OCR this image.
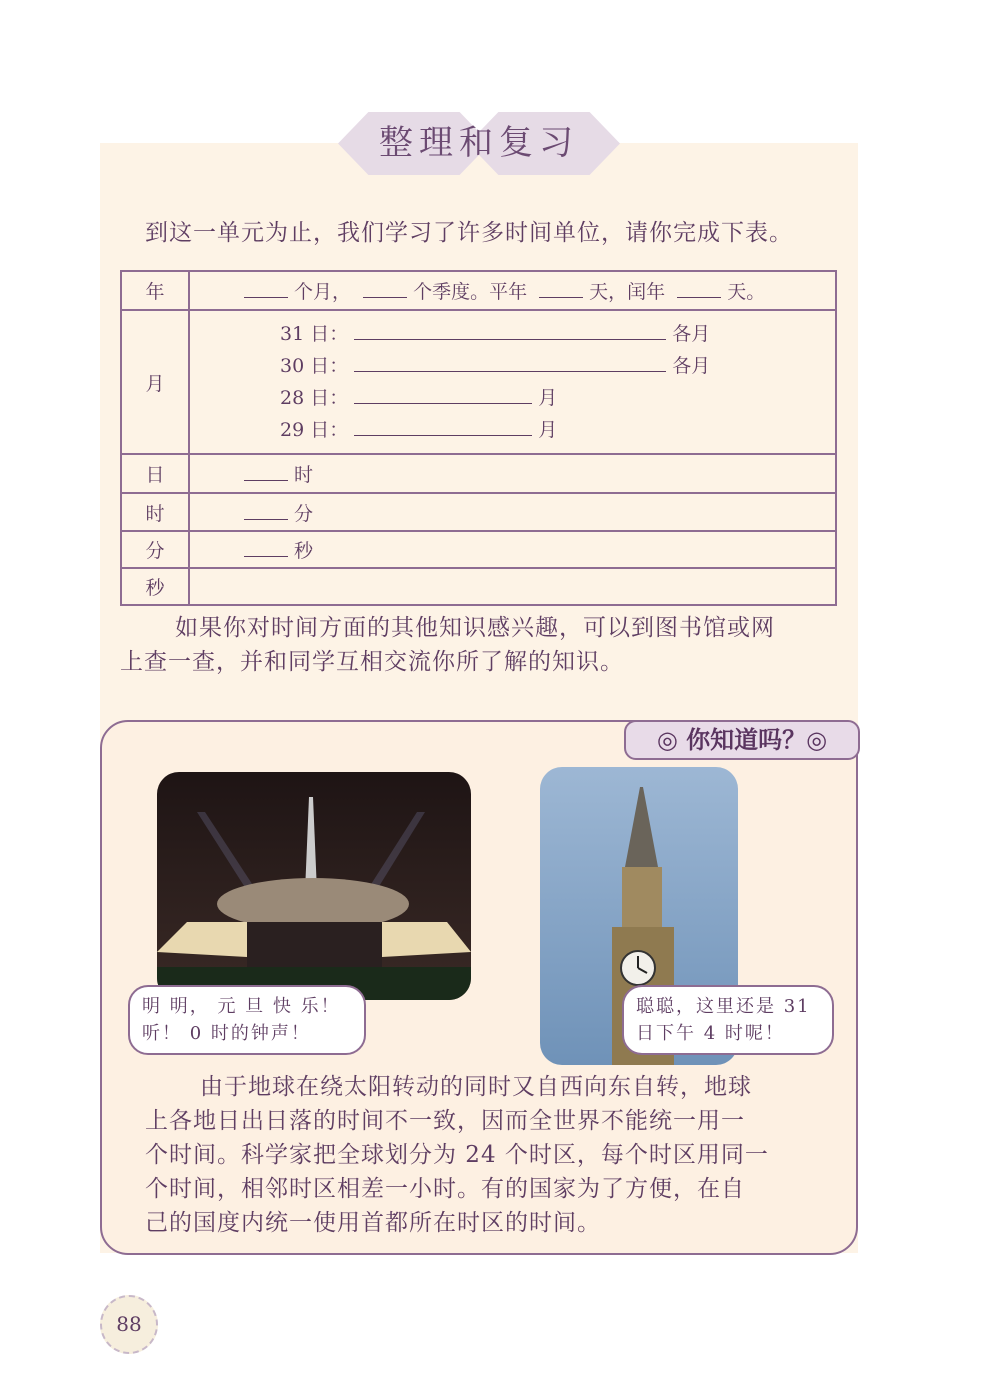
整理和复习
到这一单元为止，我们学习了许多时间单位，请你完成下表。
年	个月， 个季度。平年 天，闰年 天。
月	31 日： 各月
30 日： 各月
28 日： 月
29 日： 月

日	时
时	分
分	秒
秒	
如果你对时间方面的其他知识感兴趣，可以到图书馆或网
上查一查，并和同学互相交流你所了解的知识。
◎ 你知道吗？◎
明 明， 元 旦 快 乐！
听！ 0 时的钟声！
聪聪，这里还是 31
日下午 4 时呢！
由于地球在绕太阳转动的同时又自西向东自转，地球
上各地日出日落的时间不一致，因而全世界不能统一用一
个时间。科学家把全球划分为 24 个时区，每个时区用同一
个时间，相邻时区相差一小时。有的国家为了方便，在自
己的国度内统一使用首都所在时区的时间。
88
